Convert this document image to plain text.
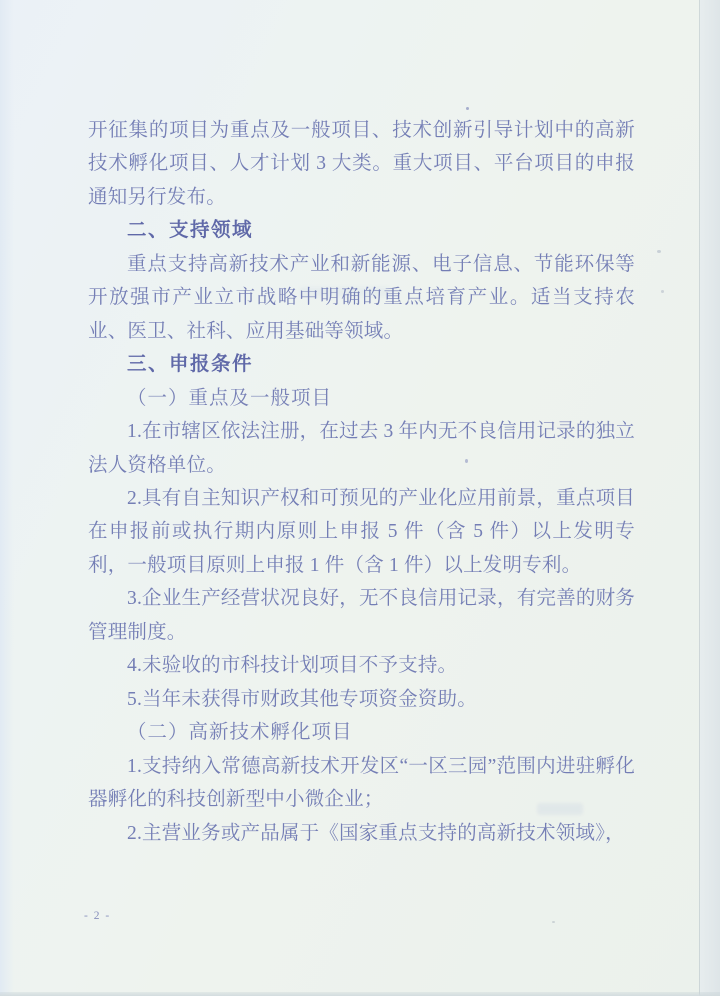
开征集的项目为重点及一般项目、技术创新引导计划中的高新技术孵化项目、人才计划 3 大类。重大项目、平台项目的申报通知另行发布。

二、支持领域

重点支持高新技术产业和新能源、电子信息、节能环保等开放强市产业立市战略中明确的重点培育产业。适当支持农业、医卫、社科、应用基础等领域。

三、申报条件

（一）重点及一般项目

1.在市辖区依法注册，在过去 3 年内无不良信用记录的独立法人资格单位。

2.具有自主知识产权和可预见的产业化应用前景，重点项目在申报前或执行期内原则上申报 5 件（含 5 件）以上发明专利，一般项目原则上申报 1 件（含 1 件）以上发明专利。

3.企业生产经营状况良好，无不良信用记录，有完善的财务管理制度。

4.未验收的市科技计划项目不予支持。

5.当年未获得市财政其他专项资金资助。

（二）高新技术孵化项目

1.支持纳入常德高新技术开发区“一区三园”范围内进驻孵化器孵化的科技创新型中小微企业；

2.主营业务或产品属于《国家重点支持的高新技术领域》，

- 2 -
